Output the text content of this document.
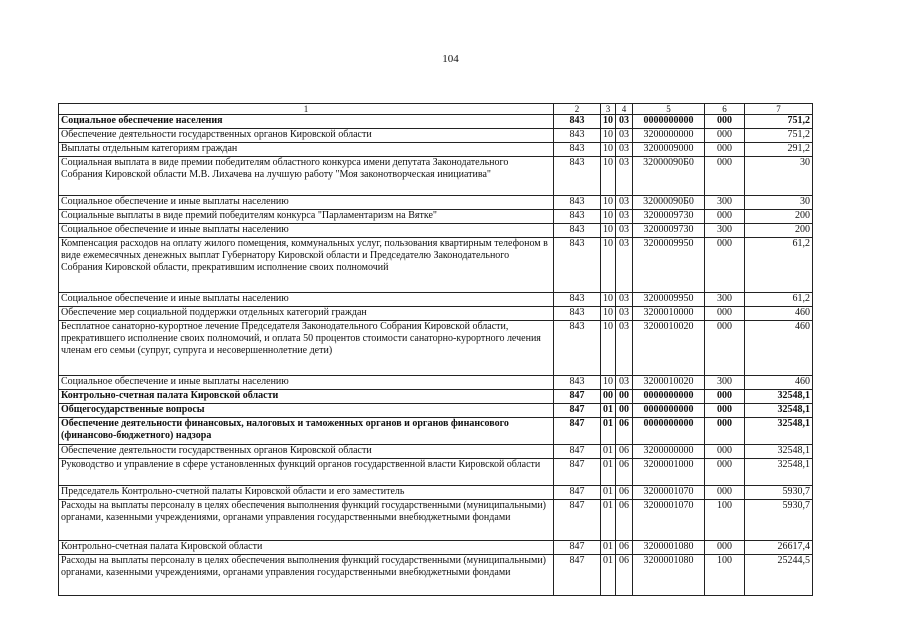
104
1	2	3	4	5	6	7
Социальное обеспечение населения	843	10	03	0000000000	000	751,2
Обеспечение деятельности государственных органов Кировской области	843	10	03	3200000000	000	751,2
Выплаты отдельным категориям граждан	843	10	03	3200009000	000	291,2
Социальная выплата в виде премии победителям областного конкурса имени депутата Законодательного Собрания Кировской области М.В. Лихачева на лучшую работу "Моя законотворческая инициатива"	843	10	03	32000090Б0	000	30
Социальное обеспечение и иные выплаты населению	843	10	03	32000090Б0	300	30
Социальные выплаты в виде премий победителям конкурса "Парламентаризм на Вятке"	843	10	03	3200009730	000	200
Социальное обеспечение и иные выплаты населению	843	10	03	3200009730	300	200
Компенсация расходов на оплату жилого помещения, коммунальных услуг, пользования квартирным телефоном в виде ежемесячных денежных выплат Губернатору Кировской области и Председателю Законодательного Собрания Кировской области, прекратившим исполнение своих полномочий	843	10	03	3200009950	000	61,2
Социальное обеспечение и иные выплаты населению	843	10	03	3200009950	300	61,2
Обеспечение мер социальной поддержки отдельных категорий граждан	843	10	03	3200010000	000	460
Бесплатное санаторно-курортное лечение Председателя Законодательного Собрания Кировской области, прекратившего исполнение своих полномочий, и оплата 50 процентов стоимости санаторно-курортного лечения членам его семьи (супруг, супруга и несовершеннолетние дети)	843	10	03	3200010020	000	460
Социальное обеспечение и иные выплаты населению	843	10	03	3200010020	300	460
Контрольно-счетная палата Кировской области	847	00	00	0000000000	000	32548,1
Общегосударственные вопросы	847	01	00	0000000000	000	32548,1
Обеспечение деятельности финансовых, налоговых и таможенных органов и органов финансового (финансово-бюджетного) надзора	847	01	06	0000000000	000	32548,1
Обеспечение деятельности государственных органов Кировской области	847	01	06	3200000000	000	32548,1
Руководство и управление в сфере установленных функций органов государственной власти Кировской области	847	01	06	3200001000	000	32548,1
Председатель Контрольно-счетной палаты Кировской области и его заместитель	847	01	06	3200001070	000	5930,7
Расходы на выплаты персоналу в целях обеспечения выполнения функций государственными (муниципальными) органами, казенными учреждениями, органами управления государственными внебюджетными фондами	847	01	06	3200001070	100	5930,7
Контрольно-счетная палата Кировской области	847	01	06	3200001080	000	26617,4
Расходы на выплаты персоналу в целях обеспечения выполнения функций государственными (муниципальными) органами, казенными учреждениями, органами управления государственными внебюджетными фондами	847	01	06	3200001080	100	25244,5
